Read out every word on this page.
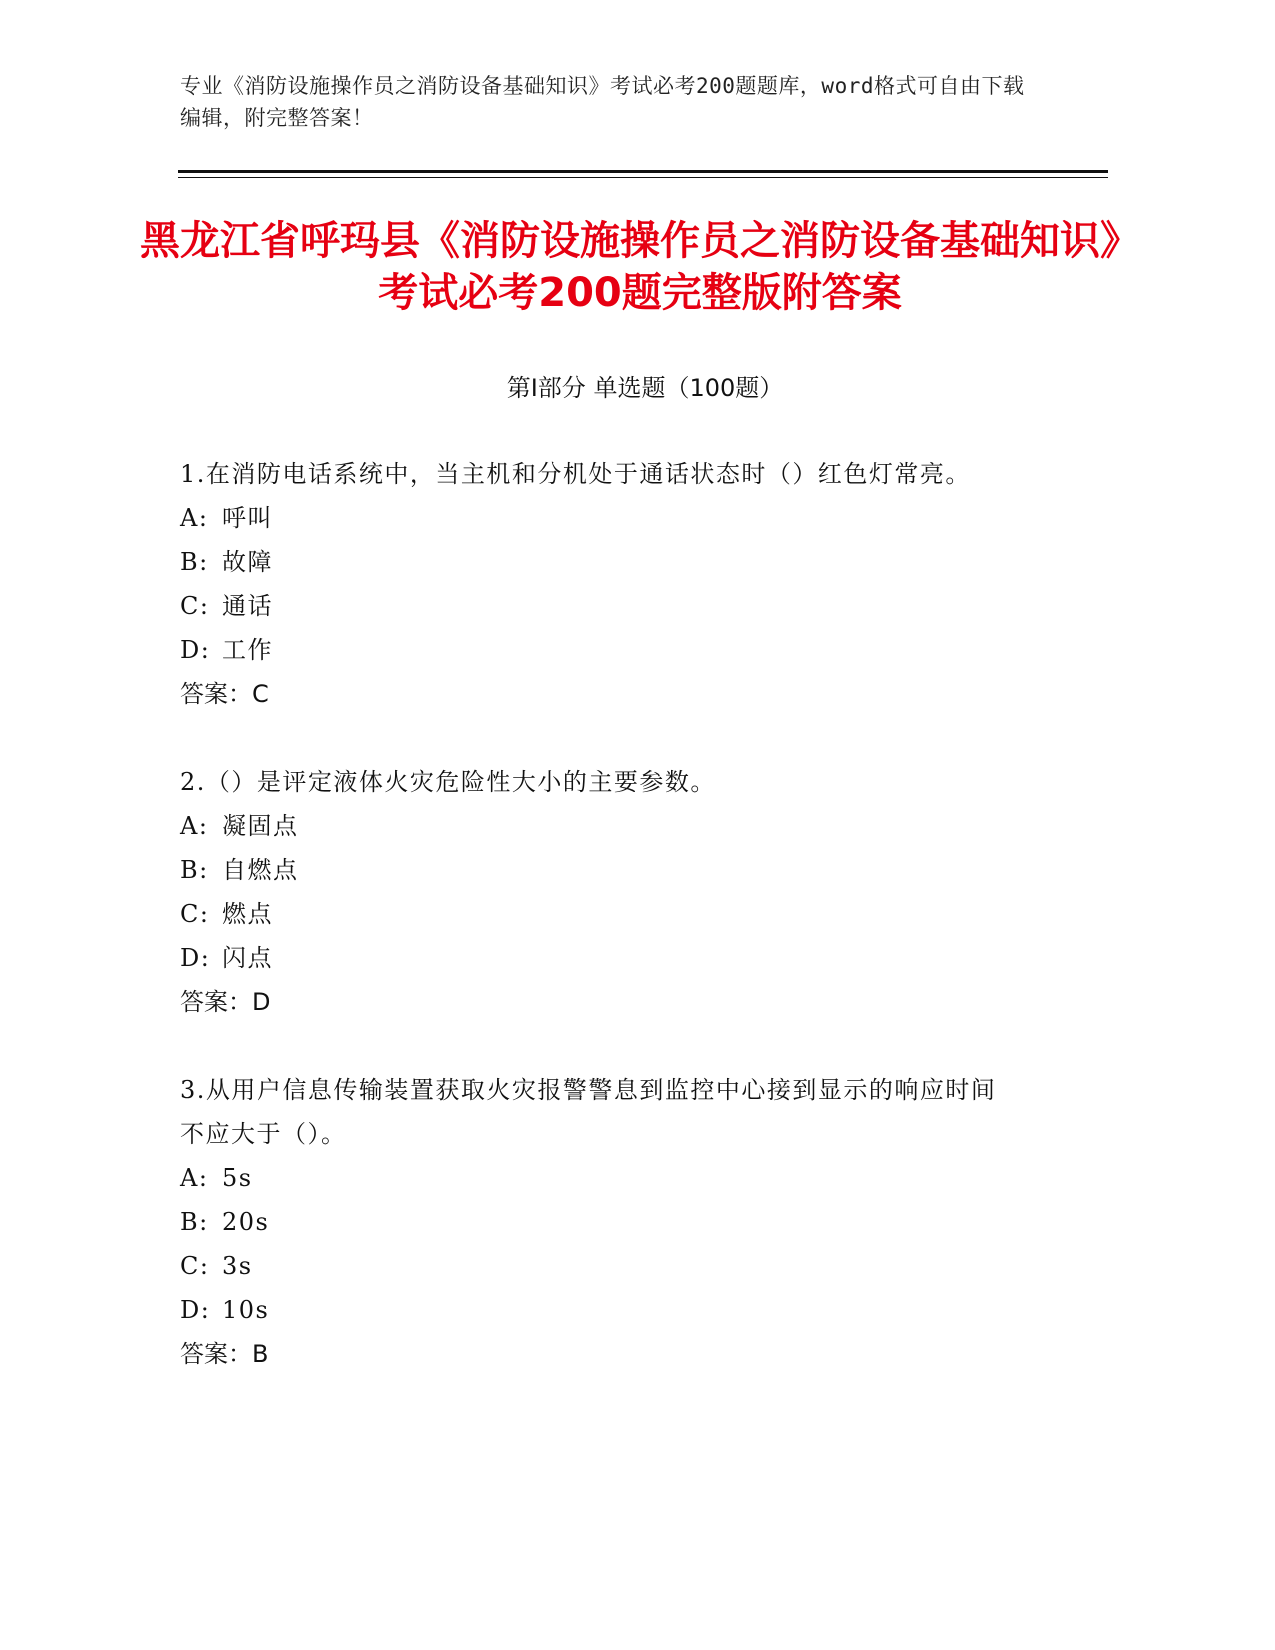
专业《消防设施操作员之消防设备基础知识》考试必考200题题库，word格式可自由下载编辑，附完整答案！
黑龙江省呼玛县《消防设施操作员之消防设备基础知识》考试必考200题完整版附答案
第Ⅰ部分 单选题（100题）

1.在消防电话系统中，当主机和分机处于通话状态时（）红色灯常亮。

A: 呼叫
B: 故障
C: 通话
D: 工作
答案：C

2.（）是评定液体火灾危险性大小的主要参数。

A: 凝固点
B: 自燃点
C: 燃点
D: 闪点
答案：D

3.从用户信息传输装置获取火灾报警警息到监控中心接到显示的响应时间不应大于（）。

A: 5s
B: 20s
C: 3s
D: 10s
答案：B
